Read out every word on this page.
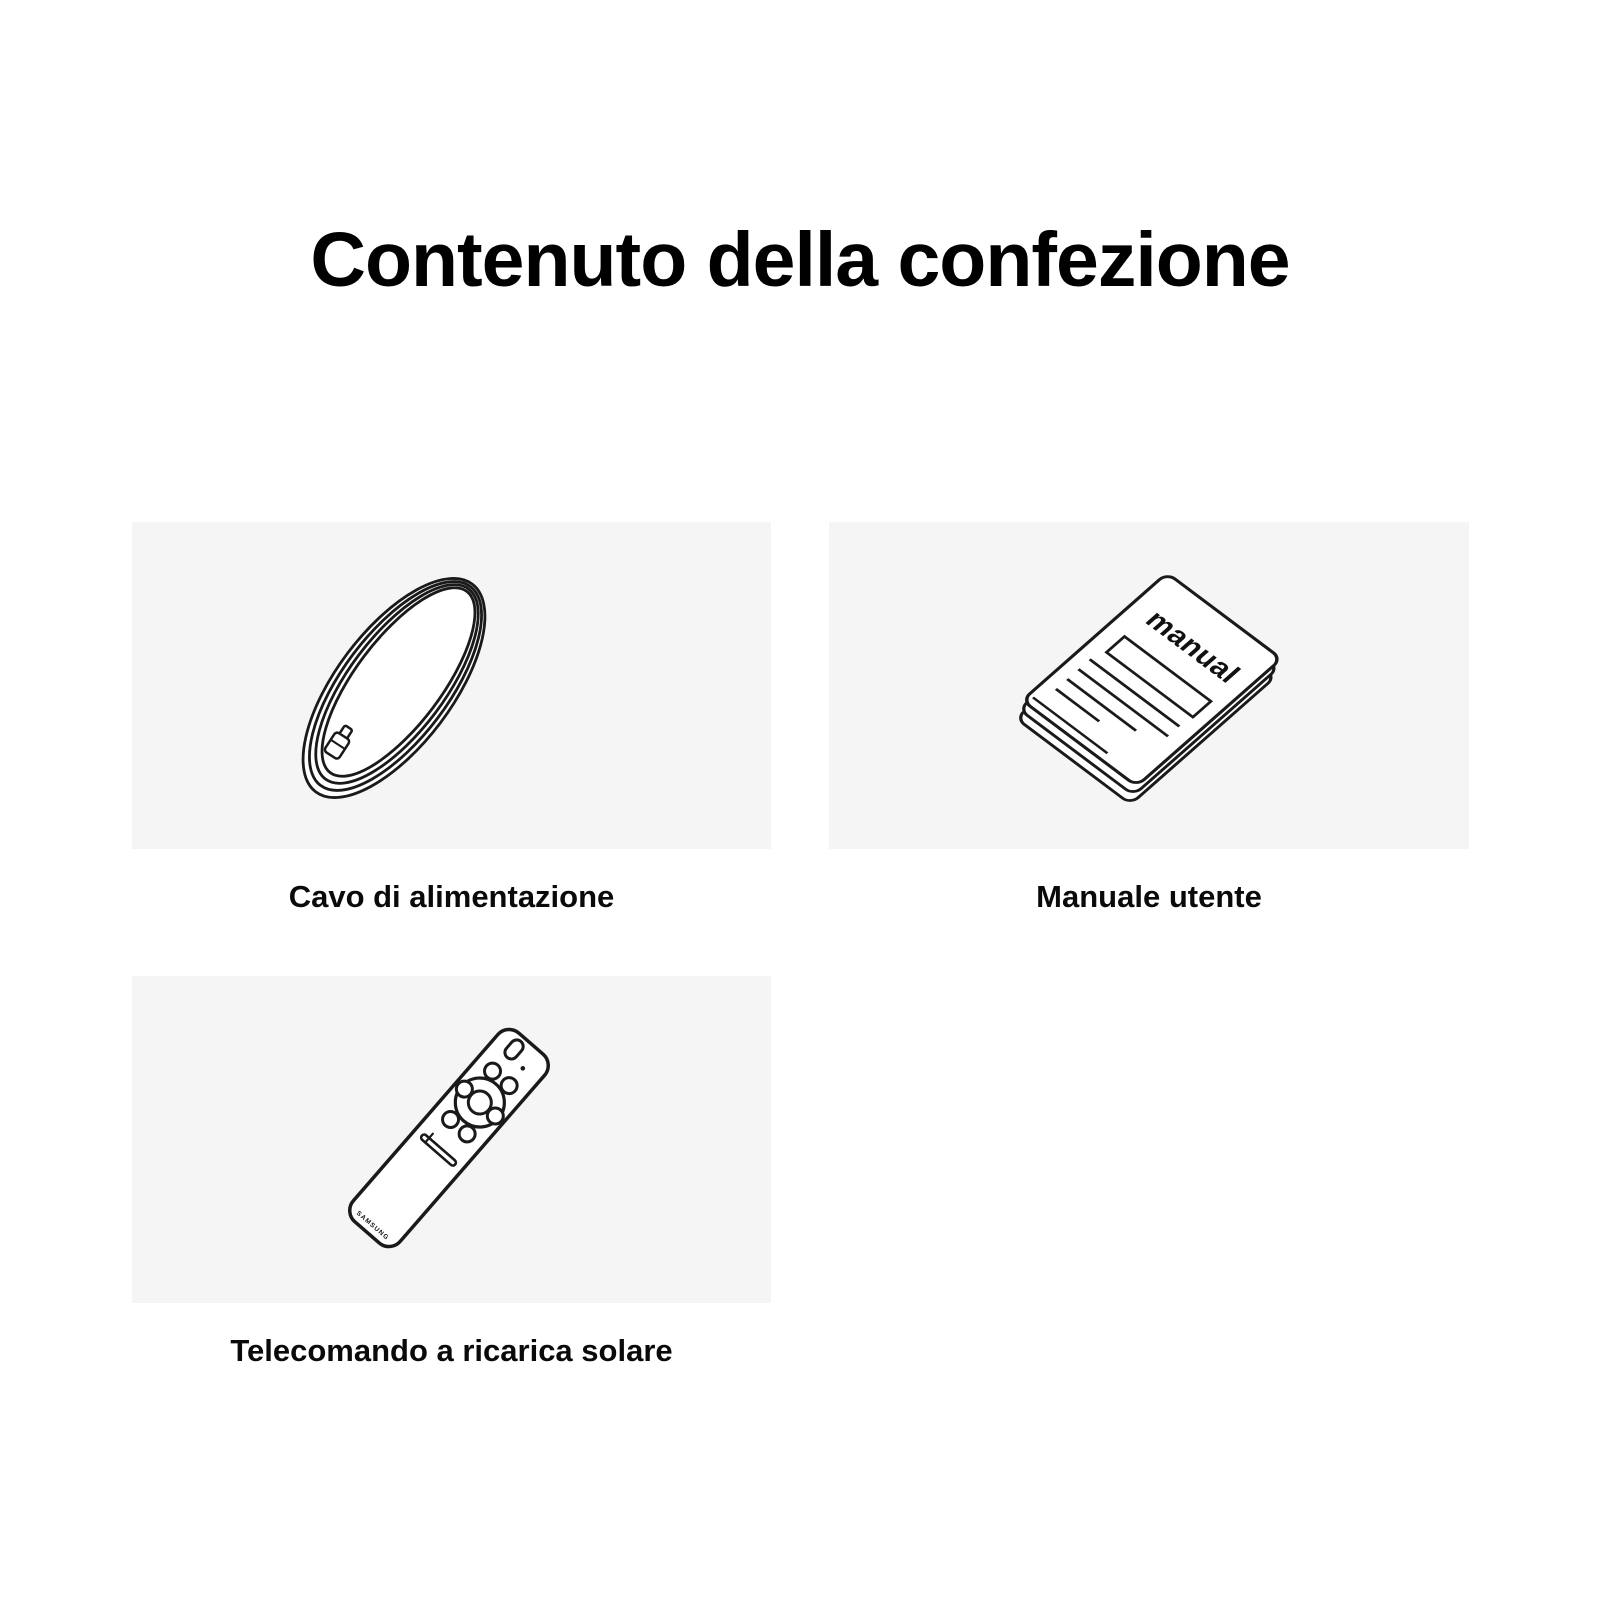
Contenuto della confezione
Cavo di alimentazione
manual
Manuale utente
SAMSUNG
Telecomando a ricarica solare
